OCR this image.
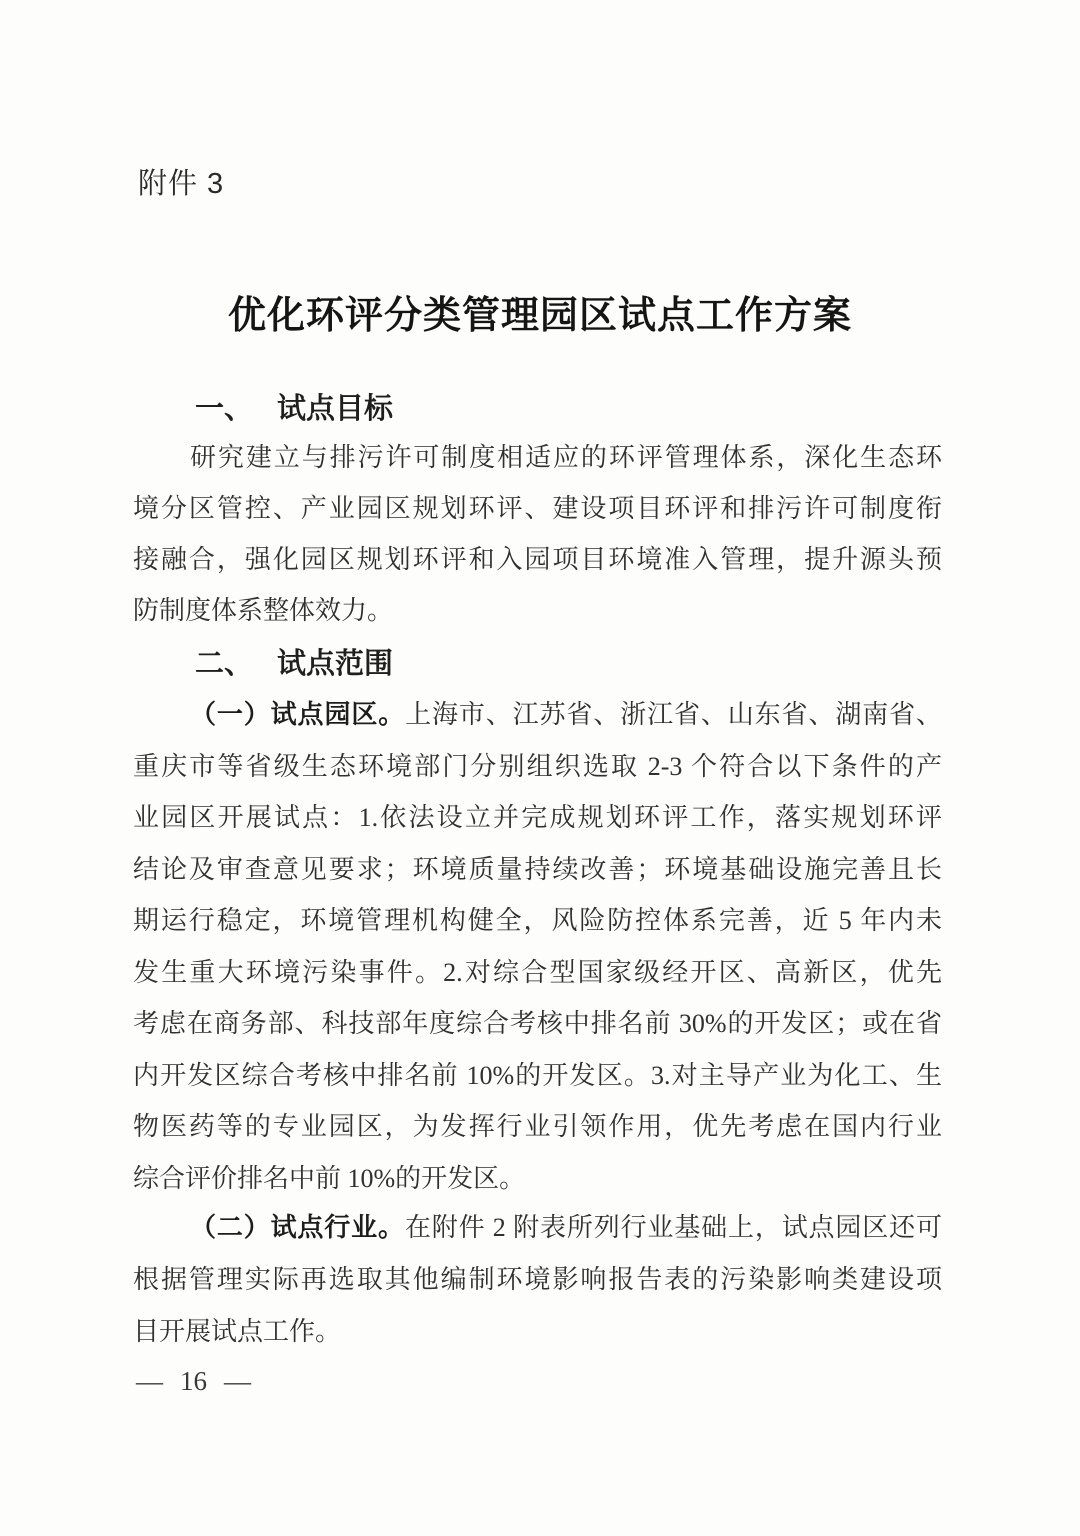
附件 3
优化环评分类管理园区试点工作方案
一、 试点目标
研究建立与排污许可制度相适应的环评管理体系，深化生态环
境分区管控、产业园区规划环评、建设项目环评和排污许可制度衔
接融合，强化园区规划环评和入园项目环境准入管理，提升源头预
防制度体系整体效力。
二、 试点范围
（一）试点园区。上海市、江苏省、浙江省、山东省、湖南省、
重庆市等省级生态环境部门分别组织选取 2-3 个符合以下条件的产
业园区开展试点：1.依法设立并完成规划环评工作，落实规划环评
结论及审查意见要求；环境质量持续改善；环境基础设施完善且长
期运行稳定，环境管理机构健全，风险防控体系完善，近 5 年内未
发生重大环境污染事件。2.对综合型国家级经开区、高新区，优先
考虑在商务部、科技部年度综合考核中排名前 30%的开发区；或在省
内开发区综合考核中排名前 10%的开发区。3.对主导产业为化工、生
物医药等的专业园区，为发挥行业引领作用，优先考虑在国内行业
综合评价排名中前 10%的开发区。
（二）试点行业。在附件 2 附表所列行业基础上，试点园区还可
根据管理实际再选取其他编制环境影响报告表的污染影响类建设项
目开展试点工作。
— 16 —
